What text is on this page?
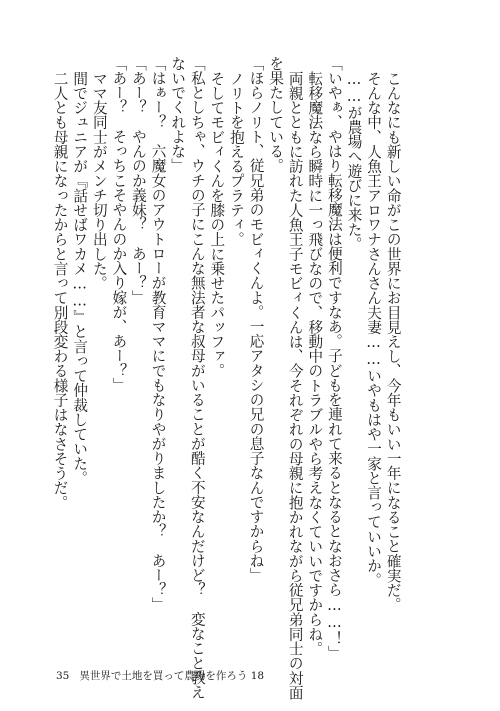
こんなにも新しい命がこの世界にお目見えし、今年もいい一年になること確実だ。
そんな中、人魚王アロワナさんさん夫妻……いやもはや一家と言っていいか。
……が農場へ遊びに来た。
「いやぁ、やはり転移魔法は便利ですなあ。子どもを連れて来るとなるとなおさら……！」
転移魔法なら瞬時に一っ飛びなので、移動中のトラブルやら考えなくていいですからね。
両親とともに訪れた人魚王子モビィくんは、今それぞれの母親に抱かれながら従兄弟同士の対面
を果たしている。
「ほらノリト、従兄弟のモビィくんよ。一応アタシの兄の息子なんですからね」
ノリトを抱えるプラティ。
そしてモビィくんを膝の上に乗せたパッファ。
「私としちゃ、ウチの子にこんな無法者な叔母がいることが酷く不安なんだけど？　変なこと教え
ないでくれよな」
「はぁー？　六魔女のアウトローが教育ママにでもなりやがりましたか？　あー？」
「あー？　やんのか義妹？　あー？」
「あー？　そっちこそやんのか入り嫁が、あー？」
ママ友同士がメンチ切り出した。
間でジュニアが『話せばワカメ……』と言って仲裁していた。
二人とも母親になったからと言って別段変わる様子はなさそうだ。
35 異世界で土地を買って農場を作ろう 18
